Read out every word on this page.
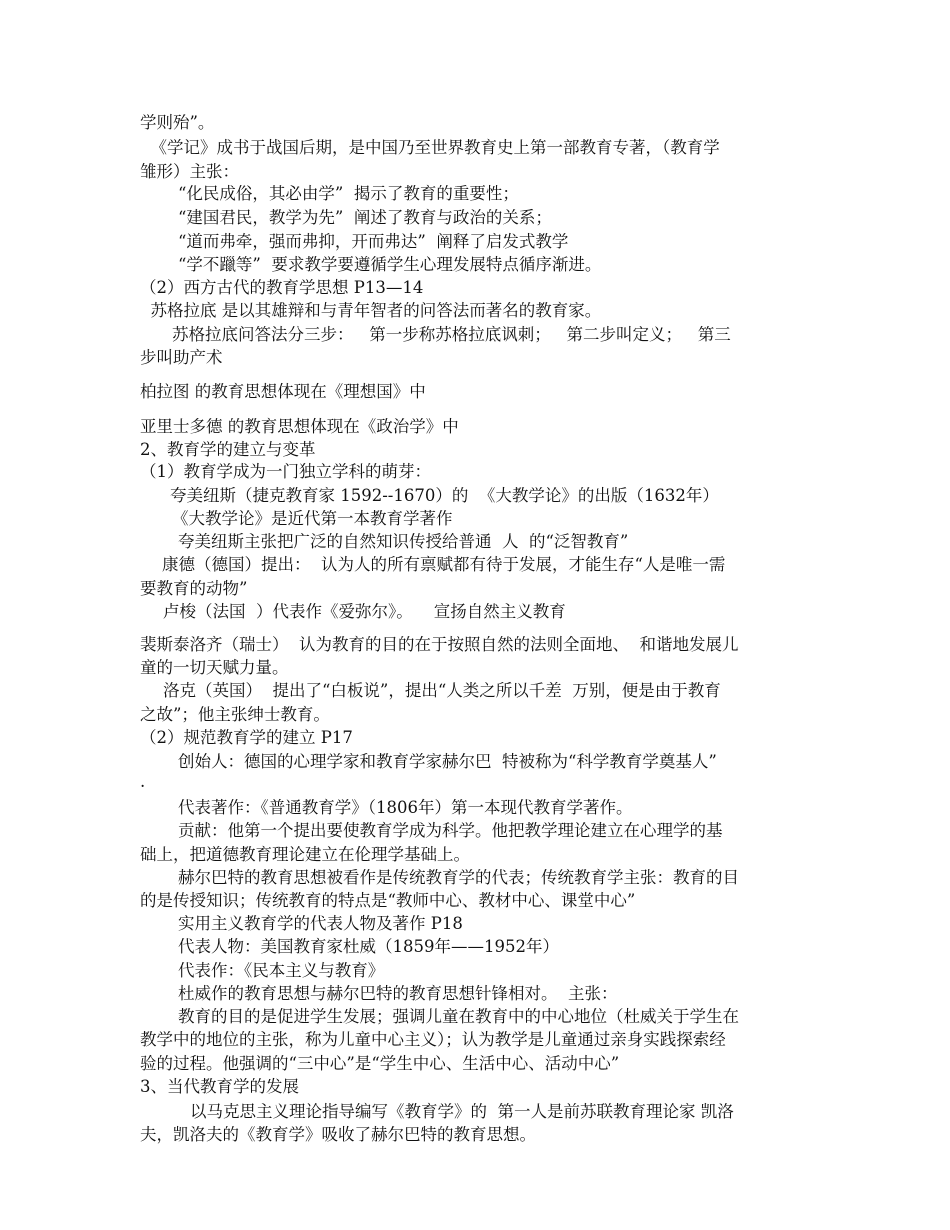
学则殆”。
《学记》成书于战国后期，是中国乃至世界教育史上第一部教育专著，（教育学
雏形）主张：
“化民成俗，其必由学”  揭示了教育的重要性；
“建国君民，教学为先”  阐述了教育与政治的关系；
“道而弗牵，强而弗抑，开而弗达”  阐释了启发式教学
“学不躐等”  要求教学要遵循学生心理发展特点循序渐进。
（2）西方古代的教育学思想 P13—14
苏格拉底 是以其雄辩和与青年智者的问答法而著名的教育家。
苏格拉底问答法分三步：   第一步称苏格拉底讽刺；   第二步叫定义；   第三
步叫助产术
柏拉图 的教育思想体现在《理想国》中
亚里士多德 的教育思想体现在《政治学》中
2、教育学的建立与变革
（1）教育学成为一门独立学科的萌芽：
夸美纽斯（捷克教育家 1592--1670）的  《大教学论》的出版（1632年）
《大教学论》是近代第一本教育学著作
夸美纽斯主张把广泛的自然知识传授给普通  人  的“泛智教育”
康德（德国）提出：  认为人的所有禀赋都有待于发展，才能生存“人是唯一需
要教育的动物”
卢梭（法国  ）代表作《爱弥尔》。    宣扬自然主义教育
裴斯泰洛齐（瑞士）  认为教育的目的在于按照自然的法则全面地、  和谐地发展儿
童的一切天赋力量。
洛克（英国）  提出了“白板说”，提出“人类之所以千差  万别，便是由于教育
之故”；他主张绅士教育。
（2）规范教育学的建立 P17
创始人：德国的心理学家和教育学家赫尔巴  特被称为“科学教育学奠基人”
.
代表著作：《普通教育学》（1806年）第一本现代教育学著作。
贡献：他第一个提出要使教育学成为科学。他把教学理论建立在心理学的基
础上，把道德教育理论建立在伦理学基础上。
赫尔巴特的教育思想被看作是传统教育学的代表；传统教育学主张：教育的目
的是传授知识；传统教育的特点是“教师中心、教材中心、课堂中心”
实用主义教育学的代表人物及著作 P18
代表人物：美国教育家杜威（1859年——1952年）
代表作：《民本主义与教育》
杜威作的教育思想与赫尔巴特的教育思想针锋相对。  主张：
教育的目的是促进学生发展；强调儿童在教育中的中心地位（杜威关于学生在
教学中的地位的主张，称为儿童中心主义）；认为教学是儿童通过亲身实践探索经
验的过程。他强调的“三中心”是“学生中心、生活中心、活动中心”
3、当代教育学的发展
以马克思主义理论指导编写《教育学》的  第一人是前苏联教育理论家 凯洛
夫，凯洛夫的《教育学》吸收了赫尔巴特的教育思想。
